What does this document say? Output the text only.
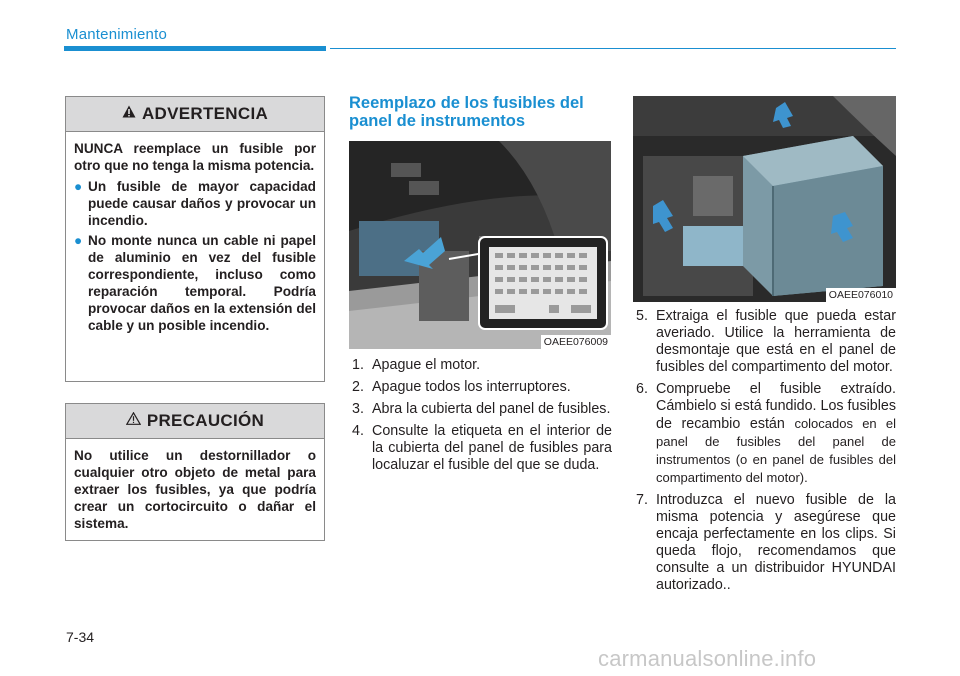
Mantenimiento
ADVERTENCIA

NUNCA reemplace un fusible por otro que no tenga la misma potencia.

● Un fusible de mayor capacidad puede causar daños y provocar un incendio.
● No monte nunca un cable ni papel de aluminio en vez del fusible correspondiente, incluso como reparación temporal. Podría provocar daños en la extensión del cable y un posible incendio.
PRECAUCIÓN

No utilice un destornillador o cualquier otro objeto de metal para extraer los fusibles, ya que podría crear un cortocircuito o dañar el sistema.

Reemplazo de los fusibles del panel de instrumentos
OAEE076009
1. Apague el motor.
2. Apague todos los interruptores.
3. Abra la cubierta del panel de fusibles.
4. Consulte la etiqueta en el interior de la cubierta del panel de fusibles para localuzar el fusible del que se duda.
OAEE076010
5. Extraiga el fusible que pueda estar averiado. Utilice la herramienta de desmontaje que está en el panel de fusibles del compartimento del motor.
6. Compruebe el fusible extraído. Cámbielo si está fundido. Los fusibles de recambio están colocados en el panel de fusibles del panel de instrumentos (o en panel de fusibles del compartimento del motor).
7. Introduzca el nuevo fusible de la misma potencia y asegúrese que encaja perfectamente en los clips. Si queda flojo, recomendamos que consulte a un distribuidor HYUNDAI autorizado..
7-34
carmanualsonline.info
